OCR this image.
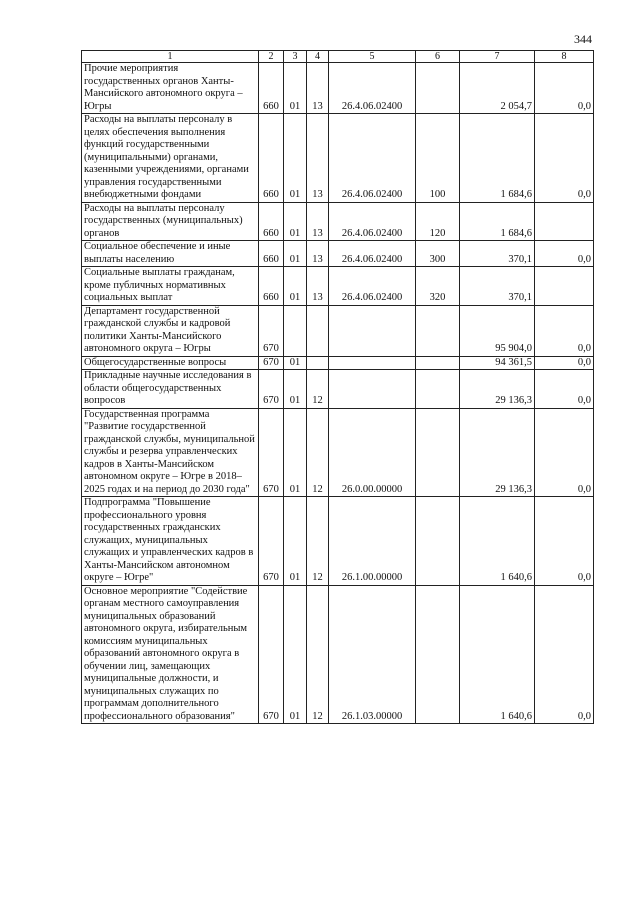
344
1	2	3	4	5	6	7	8
Прочие мероприятия государственных органов Ханты-Мансийского автономного округа – Югры	660	01	13	26.4.06.02400		2 054,7	0,0
Расходы на выплаты персоналу в целях обеспечения выполнения функций государственными (муниципальными) органами, казенными учреждениями, органами управления государственными внебюджетными фондами	660	01	13	26.4.06.02400	100	1 684,6	0,0
Расходы на выплаты персоналу государственных (муниципальных) органов	660	01	13	26.4.06.02400	120	1 684,6	
Социальное обеспечение и иные выплаты населению	660	01	13	26.4.06.02400	300	370,1	0,0
Социальные выплаты гражданам, кроме публичных нормативных социальных выплат	660	01	13	26.4.06.02400	320	370,1	
Департамент государственной гражданской службы и кадровой политики Ханты-Мансийского автономного округа – Югры	670					95 904,0	0,0
Общегосударственные вопросы	670	01				94 361,5	0,0
Прикладные научные исследования в области общегосударственных вопросов	670	01	12			29 136,3	0,0
Государственная программа "Развитие государственной гражданской службы, муниципальной службы и резерва управленческих кадров в Ханты-Мансийском автономном округе – Югре в 2018–2025 годах и на период до 2030 года"	670	01	12	26.0.00.00000		29 136,3	0,0
Подпрограмма "Повышение профессионального уровня государственных гражданских служащих, муниципальных служащих и управленческих кадров в Ханты-Мансийском автономном округе – Югре"	670	01	12	26.1.00.00000		1 640,6	0,0
Основное мероприятие "Содействие органам местного самоуправления муниципальных образований автономного округа, избирательным комиссиям муниципальных образований автономного округа в обучении лиц, замещающих муниципальные должности, и муниципальных служащих по программам дополнительного профессионального образования"	670	01	12	26.1.03.00000		1 640,6	0,0
